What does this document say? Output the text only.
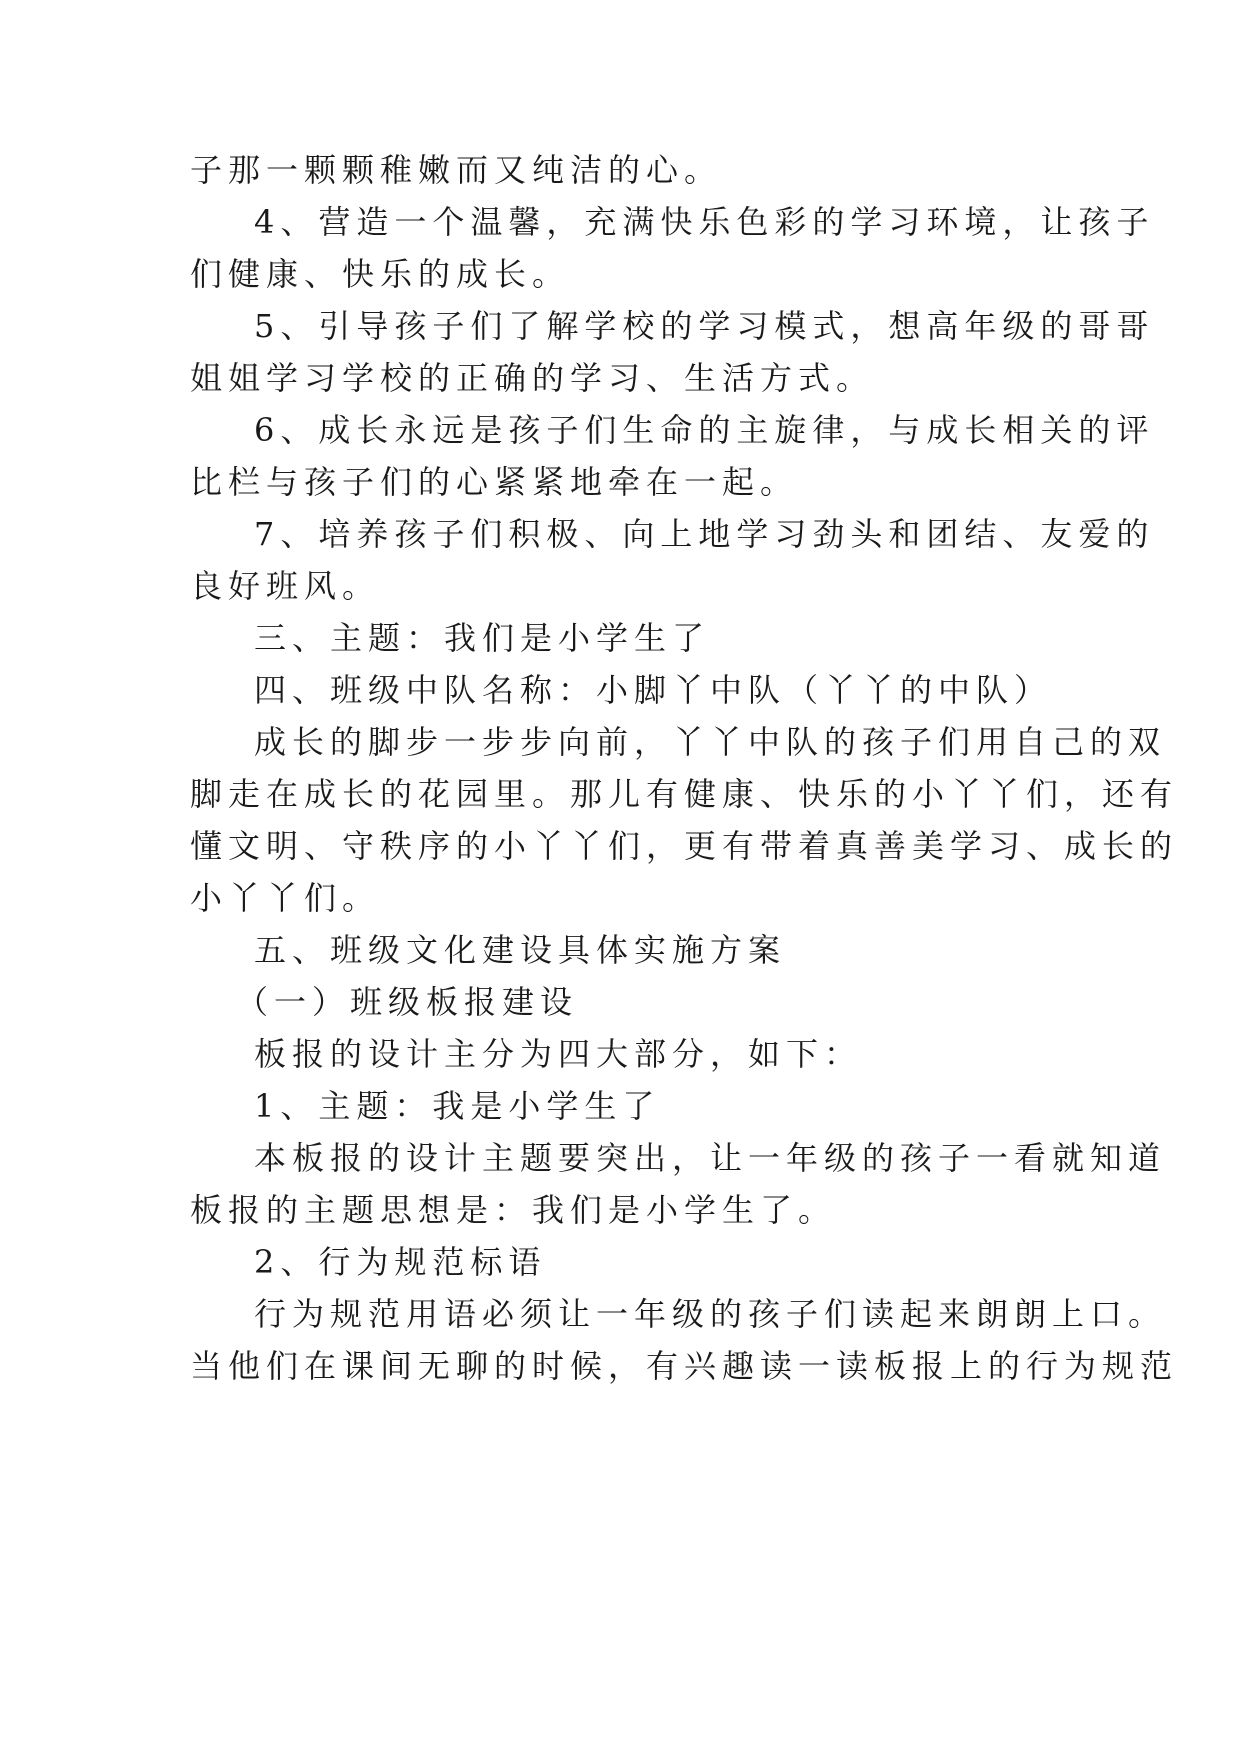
子那一颗颗稚嫩而又纯洁的心。
4、营造一个温馨，充满快乐色彩的学习环境，让孩子
们健康、快乐的成长。
5、引导孩子们了解学校的学习模式，想高年级的哥哥
姐姐学习学校的正确的学习、生活方式。
6、成长永远是孩子们生命的主旋律，与成长相关的评
比栏与孩子们的心紧紧地牵在一起。
7、培养孩子们积极、向上地学习劲头和团结、友爱的
良好班风。
三、主题：我们是小学生了
四、班级中队名称：小脚丫中队（丫丫的中队）
成长的脚步一步步向前，丫丫中队的孩子们用自己的双
脚走在成长的花园里。那儿有健康、快乐的小丫丫们，还有
懂文明、守秩序的小丫丫们，更有带着真善美学习、成长的
小丫丫们。
五、班级文化建设具体实施方案
（一）班级板报建设
板报的设计主分为四大部分，如下：
1、主题：我是小学生了
本板报的设计主题要突出，让一年级的孩子一看就知道
板报的主题思想是：我们是小学生了。
2、行为规范标语
行为规范用语必须让一年级的孩子们读起来朗朗上口。
当他们在课间无聊的时候，有兴趣读一读板报上的行为规范
